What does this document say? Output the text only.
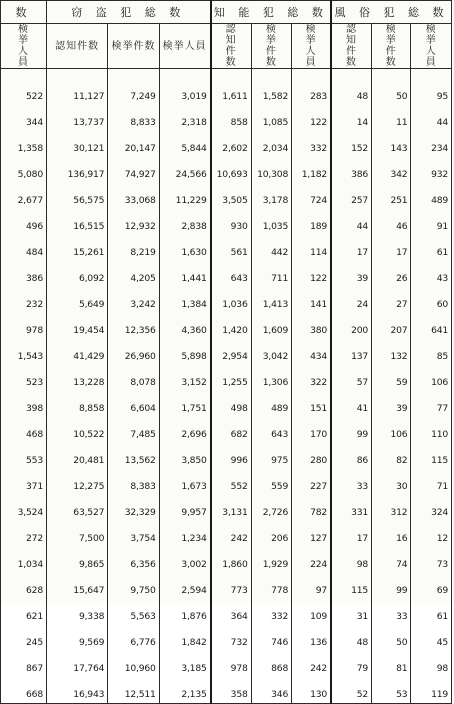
数	窃 盗 犯 総 数			知 能 犯 総 数			風 俗 犯 総 数		
検挙人員	認知件数	検挙件数	検挙人員	認知件数	検挙件数	検挙人員	認知件数	検挙件数	検挙人員
522	11,127	7,249	3,019	1,611	1,582	283	48	50	95
344	13,737	8,833	2,318	858	1,085	122	14	11	44
1,358	30,121	20,147	5,844	2,602	2,034	332	152	143	234
5,080	136,917	74,927	24,566	10,693	10,308	1,182	386	342	932
2,677	56,575	33,068	11,229	3,505	3,178	724	257	251	489
496	16,515	12,932	2,838	930	1,035	189	44	46	91
484	15,261	8,219	1,630	561	442	114	17	17	61
386	6,092	4,205	1,441	643	711	122	39	26	43
232	5,649	3,242	1,384	1,036	1,413	141	24	27	60
978	19,454	12,356	4,360	1,420	1,609	380	200	207	641
1,543	41,429	26,960	5,898	2,954	3,042	434	137	132	85
523	13,228	8,078	3,152	1,255	1,306	322	57	59	106
398	8,858	6,604	1,751	498	489	151	41	39	77
468	10,522	7,485	2,696	682	643	170	99	106	110
553	20,481	13,562	3,850	996	975	280	86	82	115
371	12,275	8,383	1,673	552	559	227	33	30	71
3,524	63,527	32,329	9,957	3,131	2,726	782	331	312	324
272	7,500	3,754	1,234	242	206	127	17	16	12
1,034	9,865	6,356	3,002	1,860	1,929	224	98	74	73
628	15,647	9,750	2,594	773	778	97	115	99	69
621	9,338	5,563	1,876	364	332	109	31	33	61
245	9,569	6,776	1,842	732	746	136	48	50	45
867	17,764	10,960	3,185	978	868	242	79	81	98
668	16,943	12,511	2,135	358	346	130	52	53	119
